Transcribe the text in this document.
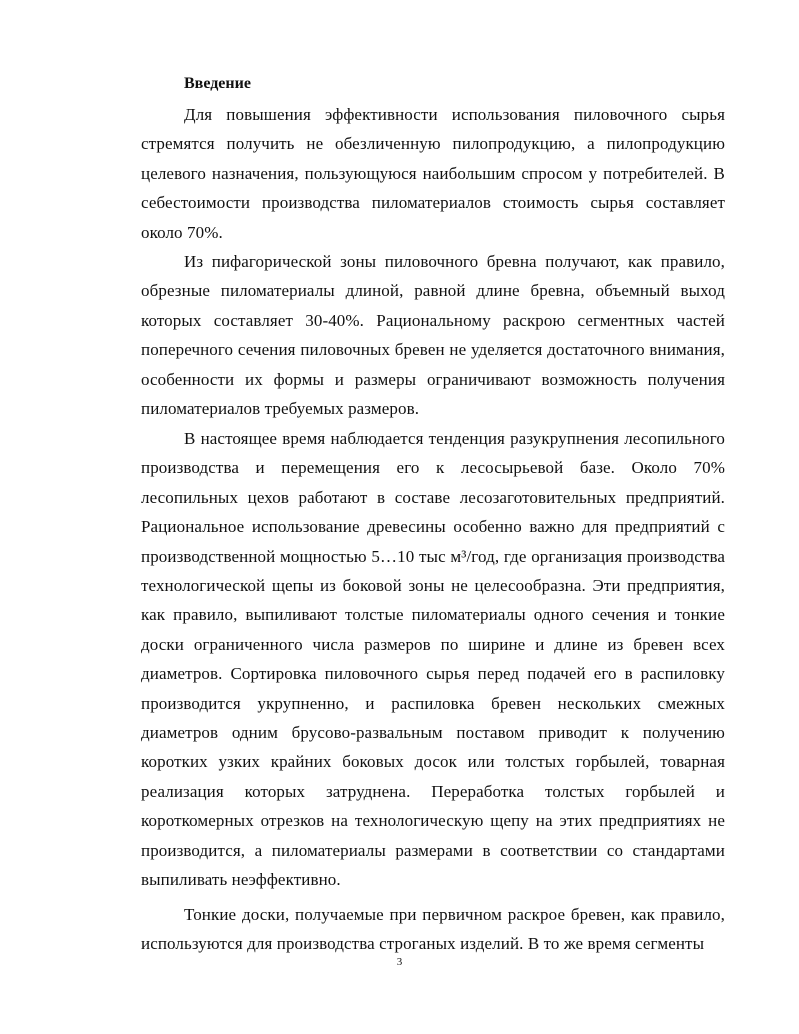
Введение

Для повышения эффективности использования пиловочного сырья стремятся получить не обезличенную пилопродукцию, а пилопродукцию целевого назначения, пользующуюся наибольшим спросом у потребителей. В себестоимости производства пиломатериалов стоимость сырья составляет около 70%.

Из пифагорической зоны пиловочного бревна получают, как правило, обрезные пиломатериалы длиной, равной длине бревна, объемный выход которых составляет 30-40%. Рациональному раскрою сегментных частей поперечного сечения пиловочных бревен не уделяется достаточного внимания, особенности их формы и размеры ограничивают возможность получения пиломатериалов требуемых размеров.

В настоящее время наблюдается тенденция разукрупнения лесопильного производства и перемещения его к лесосырьевой базе. Около 70% лесопильных цехов работают в составе лесозаготовительных предприятий. Рациональное использование древесины особенно важно для предприятий с производственной мощностью 5…10 тыс м³/год, где организация производства технологической щепы из боковой зоны не целесообразна. Эти предприятия, как правило, выпиливают толстые пиломатериалы одного сечения и тонкие доски ограниченного числа размеров по ширине и длине из бревен всех диаметров. Сортировка пиловочного сырья перед подачей его в распиловку производится укрупненно, и распиловка бревен нескольких смежных диаметров одним брусово-развальным поставом приводит к получению коротких узких крайних боковых досок или толстых горбылей, товарная реализация которых затруднена. Переработка толстых горбылей и короткомерных отрезков на технологическую щепу на этих предприятиях не производится, а пиломатериалы размерами в соответствии со стандартами выпиливать неэффективно.

Тонкие доски, получаемые при первичном раскрое бревен, как правило, используются для производства строганых изделий. В то же время сегменты

3
